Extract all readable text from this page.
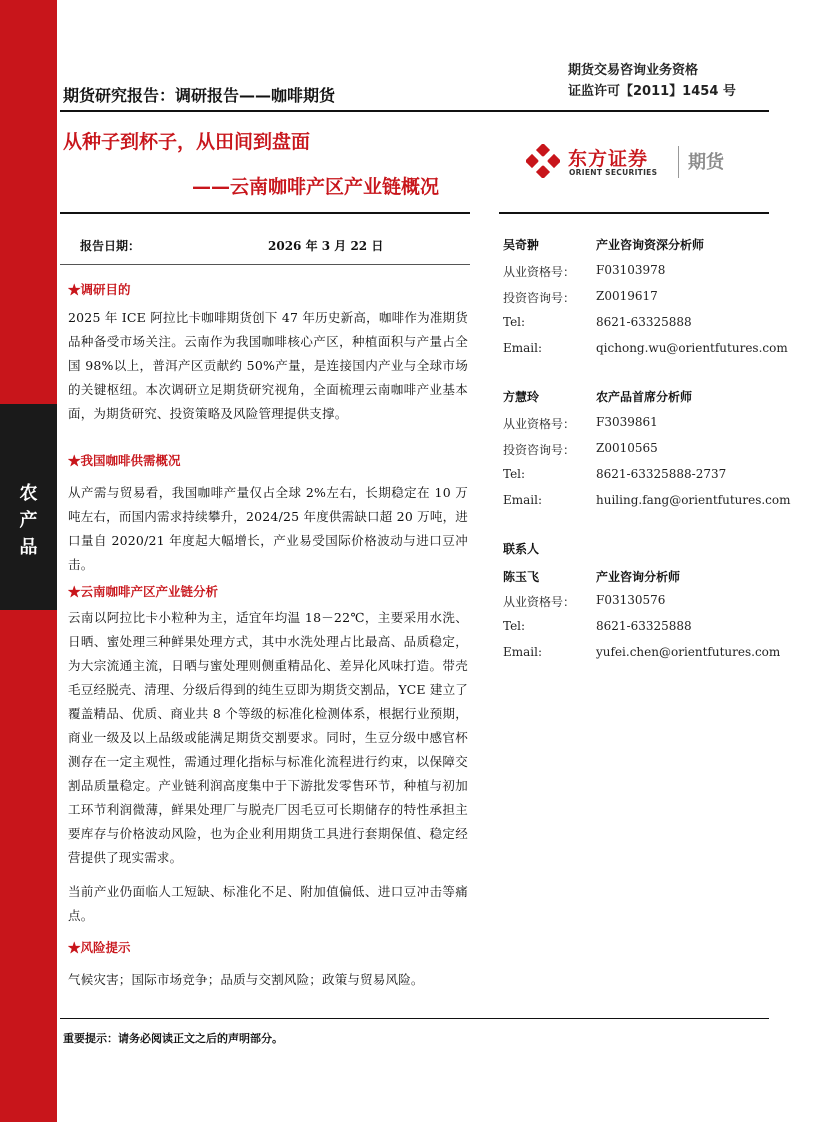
农
产
品
期货交易咨询业务资格
证监许可【2011】1454 号
期货研究报告：调研报告——咖啡期货
从种子到杯子，从田间到盘面
——云南咖啡产区产业链概况
东方证券
ORIENT SECURITIES 期货
报告日期：	2026 年 3 月 22 日
★调研目的
2025 年 ICE 阿拉比卡咖啡期货创下 47 年历史新高，咖啡作为准期货品种备受市场关注。云南作为我国咖啡核心产区，种植面积与产量占全国 98%以上，普洱产区贡献约 50%产量，是连接国内产业与全球市场的关键枢纽。本次调研立足期货研究视角，全面梳理云南咖啡产业基本面，为期货研究、投资策略及风险管理提供支撑。
★我国咖啡供需概况
从产需与贸易看，我国咖啡产量仅占全球 2%左右，长期稳定在 10 万吨左右，而国内需求持续攀升，2024/25 年度供需缺口超 20 万吨，进口量自 2020/21 年度起大幅增长，产业易受国际价格波动与进口豆冲击。
★云南咖啡产区产业链分析
云南以阿拉比卡小粒种为主，适宜年均温 18－22℃，主要采用水洗、日晒、蜜处理三种鲜果处理方式，其中水洗处理占比最高、品质稳定，为大宗流通主流，日晒与蜜处理则侧重精品化、差异化风味打造。带壳毛豆经脱壳、清理、分级后得到的纯生豆即为期货交割品，YCE 建立了覆盖精品、优质、商业共 8 个等级的标准化检测体系，根据行业预期，商业一级及以上品级或能满足期货交割要求。同时，生豆分级中感官杯测存在一定主观性，需通过理化指标与标准化流程进行约束，以保障交割品质量稳定。产业链利润高度集中于下游批发零售环节，种植与初加工环节利润微薄，鲜果处理厂与脱壳厂因毛豆可长期储存的特性承担主要库存与价格波动风险，也为企业利用期货工具进行套期保值、稳定经营提供了现实需求。
当前产业仍面临人工短缺、标准化不足、附加值偏低、进口豆冲击等痛点。
★风险提示
气候灾害；国际市场竞争；品质与交割风险；政策与贸易风险。
吴奇翀	产业咨询资深分析师
从业资格号： F03103978
投资咨询号： Z0019617
Tel:	8621-63325888
Email:	qichong.wu@orientfutures.com
方慧玲	农产品首席分析师
从业资格号： F3039861
投资咨询号： Z0010565
Tel:	8621-63325888-2737
Email:	huiling.fang@orientfutures.com
联系人
陈玉飞	产业咨询分析师
从业资格号： F03130576
Tel:	8621-63325888
Email:	yufei.chen@orientfutures.com
重要提示：请务必阅读正文之后的声明部分。
